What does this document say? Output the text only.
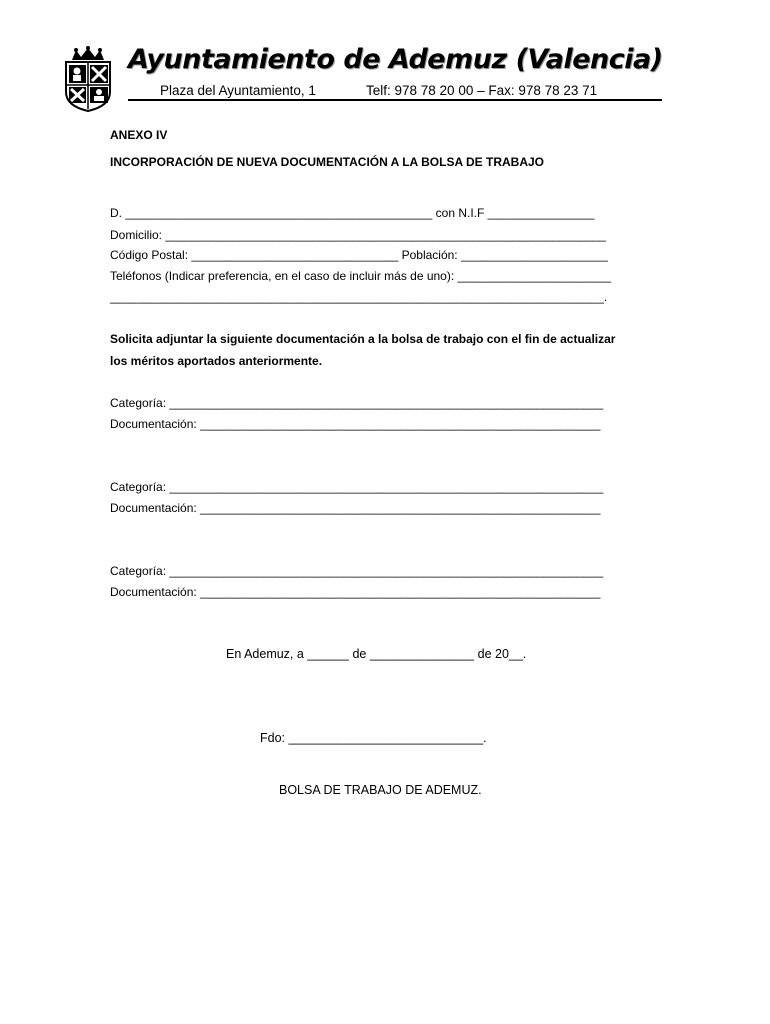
Ayuntamiento de Ademuz (Valencia)
Plaza del Ayuntamiento, 1	Telf: 978 78 20 00 – Fax: 978 78 23 71
ANEXO IV
INCORPORACIÓN DE NUEVA DOCUMENTACIÓN A LA BOLSA DE TRABAJO
D. ______________________________________________ con N.I.F ________________
Domicilio: __________________________________________________________________
Código Postal: _______________________________ Población: ______________________
Teléfonos (Indicar preferencia, en el caso de incluir más de uno): _______________________
__________________________________________________________________________.
Solicita adjuntar la siguiente documentación a la bolsa de trabajo con el fin de actualizar
los méritos aportados anteriormente.
Categoría: _________________________________________________________________
Documentación: ____________________________________________________________
Categoría: _________________________________________________________________
Documentación: ____________________________________________________________
Categoría: _________________________________________________________________
Documentación: ____________________________________________________________
En Ademuz, a ______ de _______________ de 20__.
Fdo: ____________________________.
BOLSA DE TRABAJO DE ADEMUZ.
